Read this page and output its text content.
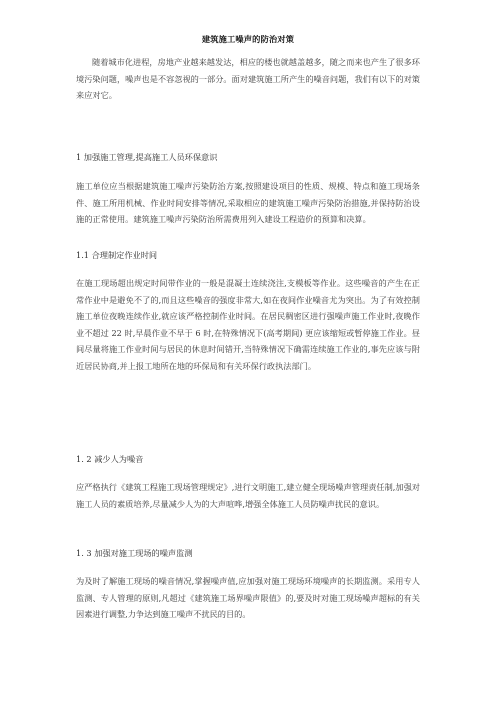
建筑施工噪声的防治对策

随着城市化进程，房地产业越来越发达，相应的楼也就越盖越多，随之而来也产生了很多环境污染问题，噪声也是不容忽视的一部分。面对建筑施工所产生的噪音问题，我们有以下的对策来应对它。

1 加强施工管理,提高施工人员环保意识

施工单位应当根据建筑施工噪声污染防治方案,按照建设项目的性质、规模、特点和施工现场条件、施工所用机械、作业时间安排等情况,采取相应的建筑施工噪声污染防治措施,并保持防治设施的正常使用。建筑施工噪声污染防治所需费用列入建设工程造价的预算和决算。

1.1 合理制定作业时间

在施工现场超出规定时间带作业的一般是混凝土连续浇注,支模板等作业。这些噪音的产生在正常作业中是避免不了的,而且这些噪音的强度非常大,如在夜间作业噪音尤为突出。为了有效控制施工单位夜晚连续作业,就应该严格控制作业时间。在居民稠密区进行强噪声施工作业时,夜晚作业不超过 22 时,早晨作业不早于 6 时,在特殊情况下(高考期间) 更应该缩短或暂停施工作业。昼间尽量将施工作业时间与居民的休息时间错开,当特殊情况下确需连续施工作业的,事先应该与附近居民协商,并上报工地所在地的环保局和有关环保行政执法部门。

1. 2 减少人为噪音

应严格执行《建筑工程施工现场管理规定》,进行文明施工,建立健全现场噪声管理责任制,加强对施工人员的素质培养,尽量减少人为的大声喧哗,增强全体施工人员防噪声扰民的意识。

1. 3 加强对施工现场的噪声监测

为及时了解施工现场的噪音情况,掌握噪声值,应加强对施工现场环境噪声的长期监测。采用专人监测、专人管理的原则,凡超过《建筑施工场界噪声限值》的,要及时对施工现场噪声超标的有关因素进行调整,力争达到施工噪声不扰民的目的。
